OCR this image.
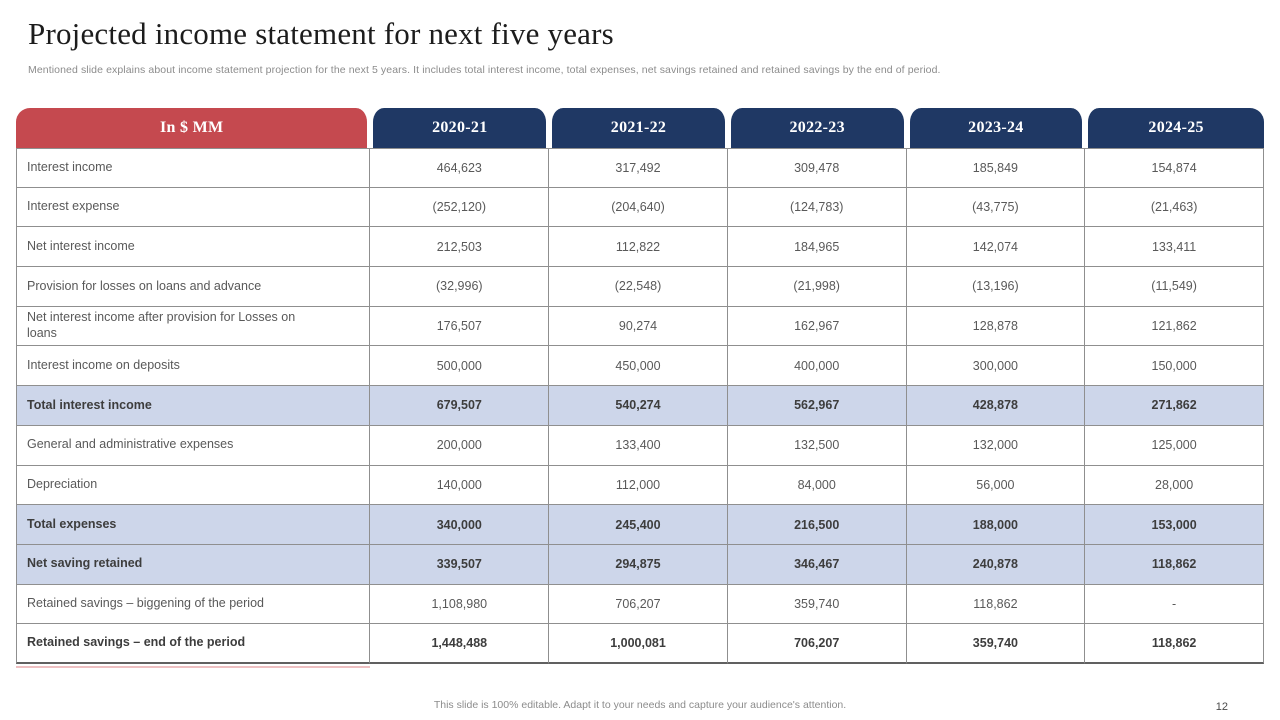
Projected income statement for next five years

Mentioned slide explains about income statement projection for the next 5 years. It includes total interest income, total expenses, net savings retained and retained savings by the end of period.

In $ MM	2020-21	2021-22	2022-23	2023-24	2024-25
Interest income	464,623	317,492	309,478	185,849	154,874
Interest expense	(252,120)	(204,640)	(124,783)	(43,775)	(21,463)
Net interest income	212,503	112,822	184,965	142,074	133,411
Provision for losses on loans and advance	(32,996)	(22,548)	(21,998)	(13,196)	(11,549)
Net interest income after provision for Losses on loans	176,507	90,274	162,967	128,878	121,862
Interest income on deposits	500,000	450,000	400,000	300,000	150,000
Total interest income	679,507	540,274	562,967	428,878	271,862
General and administrative expenses	200,000	133,400	132,500	132,000	125,000
Depreciation	140,000	112,000	84,000	56,000	28,000
Total expenses	340,000	245,400	216,500	188,000	153,000
Net saving retained	339,507	294,875	346,467	240,878	118,862
Retained savings – biggening of the period	1,108,980	706,207	359,740	118,862	-
Retained savings – end of the period	1,448,488	1,000,081	706,207	359,740	118,862

This slide is 100% editable. Adapt it to your needs and capture your audience's attention.	12
